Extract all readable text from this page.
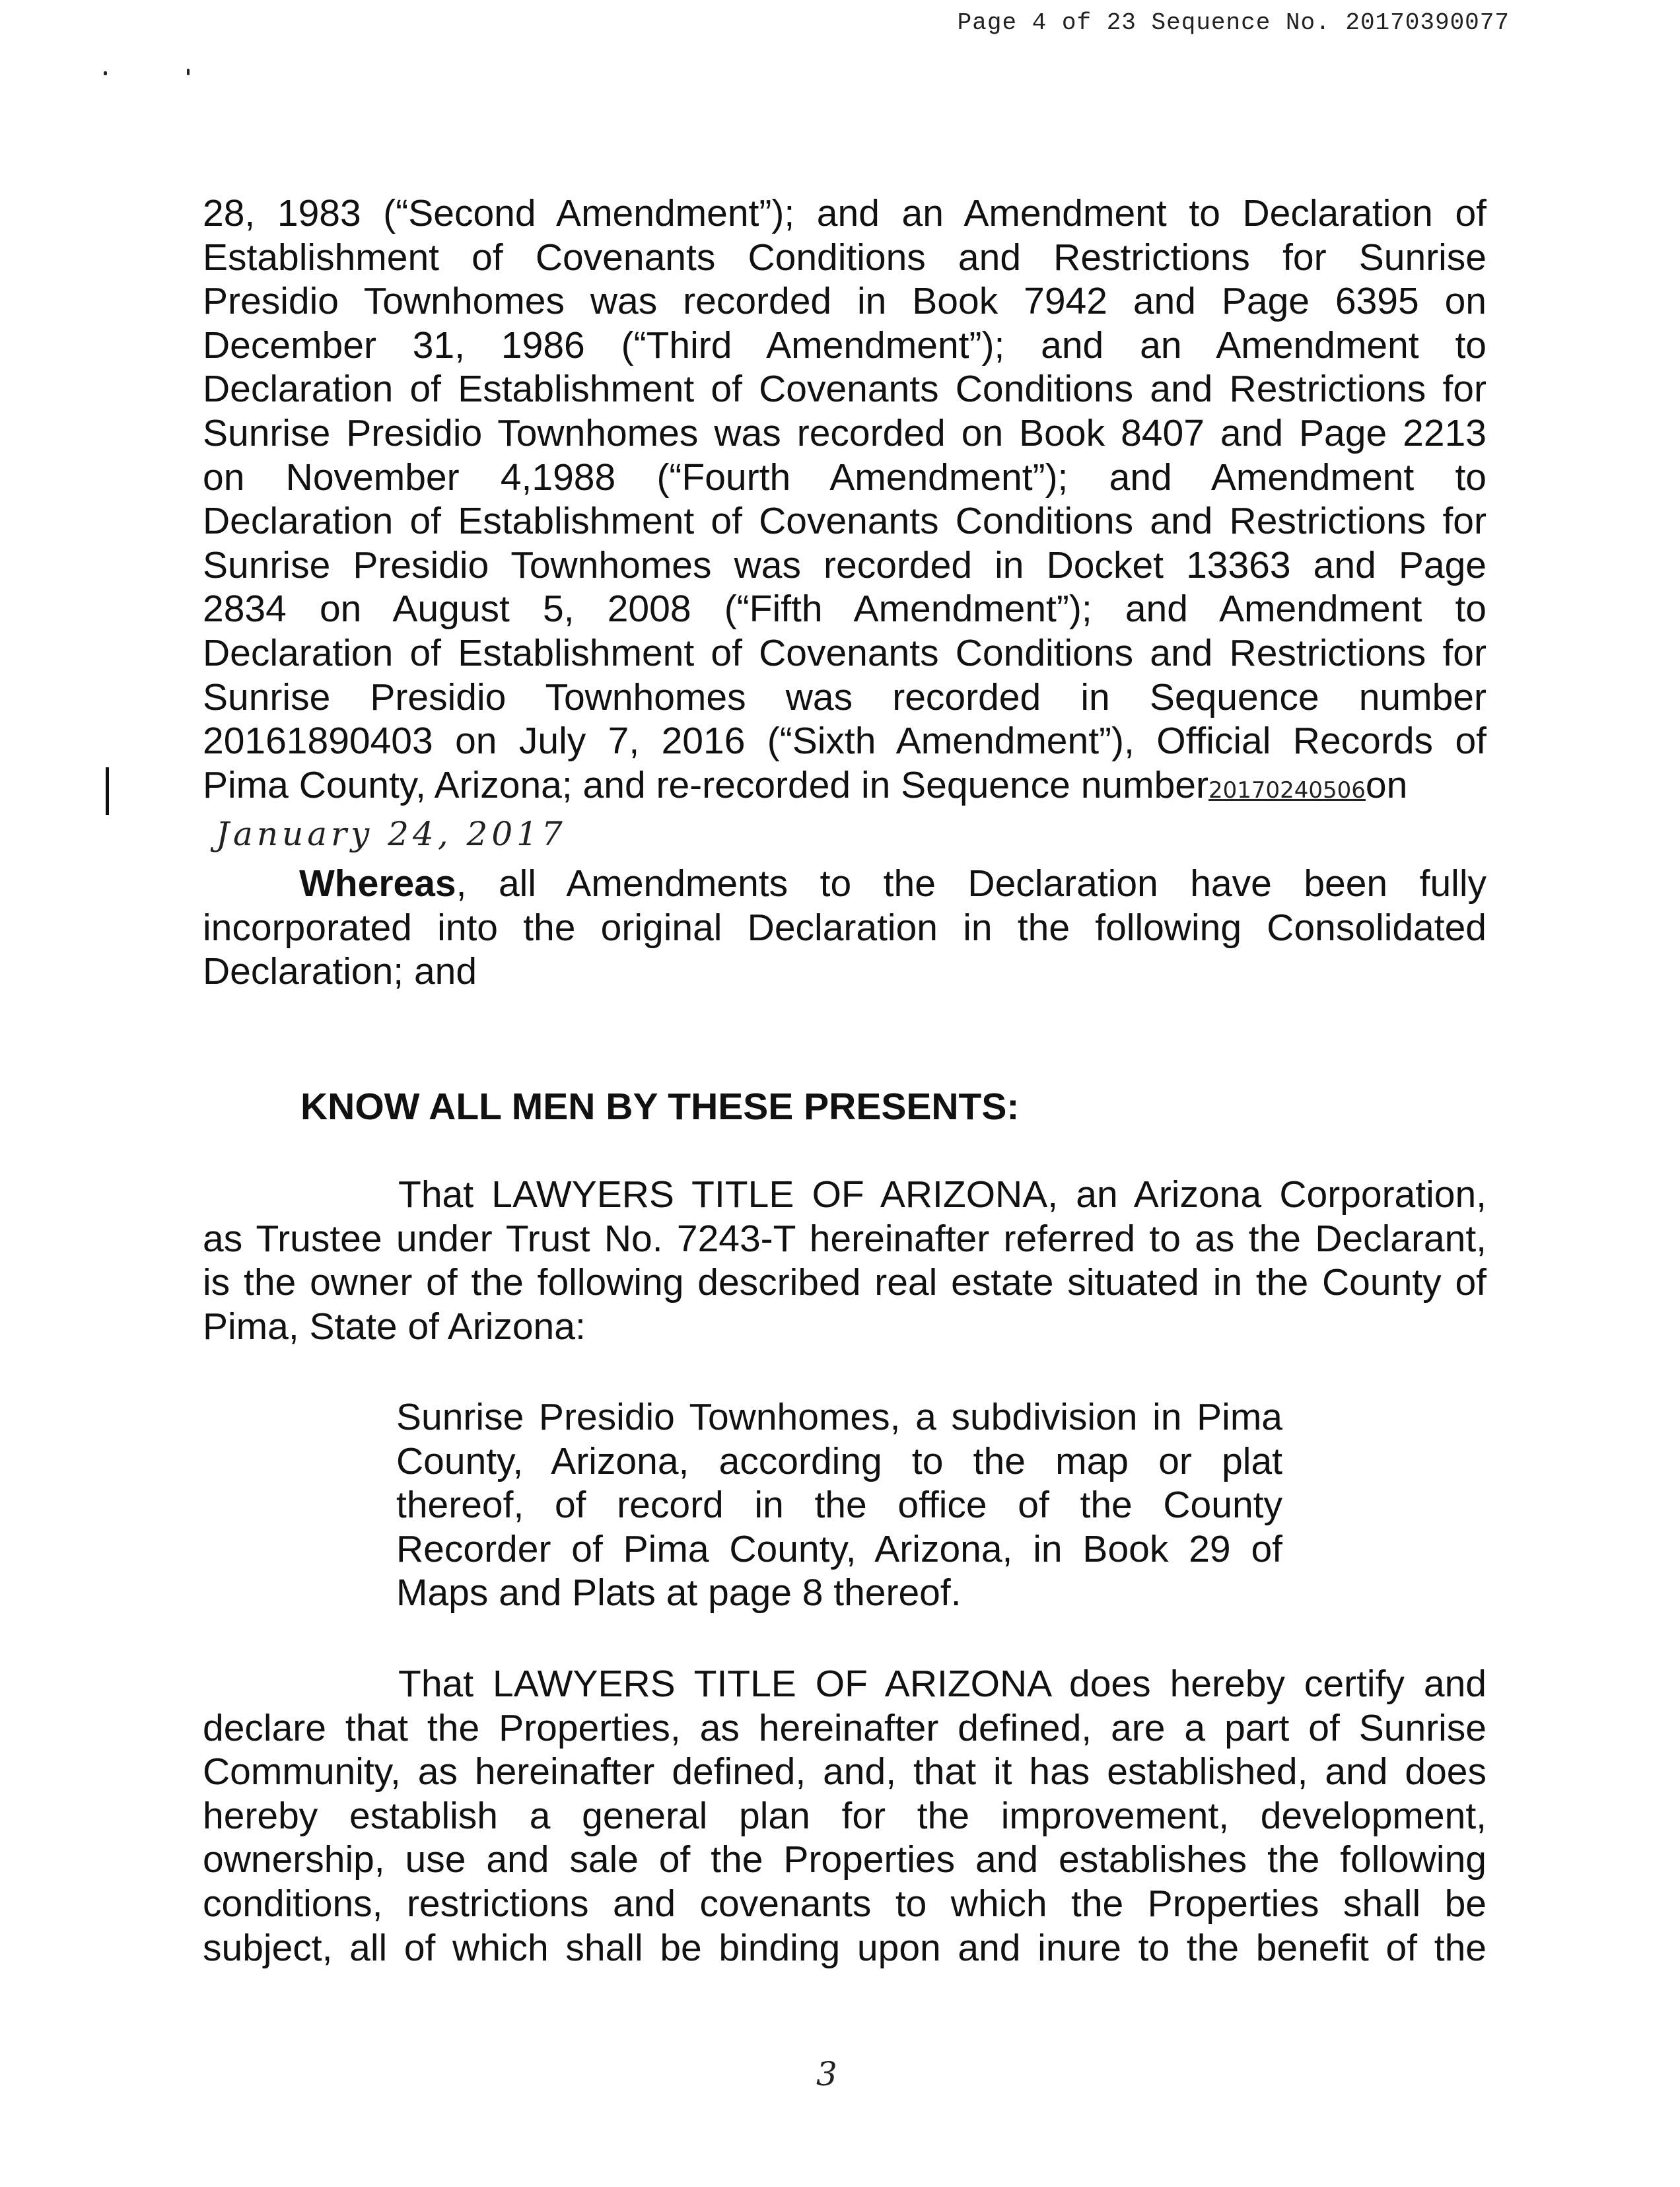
Page 4 of 23 Sequence No. 20170390077
28, 1983 (“Second Amendment”); and an Amendment to Declaration of
Establishment of Covenants Conditions and Restrictions for Sunrise
Presidio Townhomes was recorded in Book 7942 and Page 6395 on
December 31, 1986 (“Third Amendment”); and an Amendment to
Declaration of Establishment of Covenants Conditions and Restrictions for
Sunrise Presidio Townhomes was recorded on Book 8407 and Page 2213
on November 4,1988 (“Fourth Amendment”); and Amendment to
Declaration of Establishment of Covenants Conditions and Restrictions for
Sunrise Presidio Townhomes was recorded in Docket 13363 and Page
2834 on August 5, 2008 (“Fifth Amendment”); and Amendment to
Declaration of Establishment of Covenants Conditions and Restrictions for
Sunrise Presidio Townhomes was recorded in Sequence number
20161890403 on July 7, 2016 (“Sixth Amendment”), Official Records of
Pima County, Arizona; and re-recorded in Sequence number20170240506on
January 24, 2017
Whereas, all Amendments to the Declaration have been fully
incorporated into the original Declaration in the following Consolidated
Declaration; and
KNOW ALL MEN BY THESE PRESENTS:
That LAWYERS TITLE OF ARIZONA, an Arizona Corporation,
as Trustee under Trust No. 7243-T hereinafter referred to as the Declarant,
is the owner of the following described real estate situated in the County of
Pima, State of Arizona:
Sunrise Presidio Townhomes, a subdivision in Pima
County, Arizona, according to the map or plat
thereof, of record in the office of the County
Recorder of Pima County, Arizona, in Book 29 of
Maps and Plats at page 8 thereof.
That LAWYERS TITLE OF ARIZONA does hereby certify and
declare that the Properties, as hereinafter defined, are a part of Sunrise
Community, as hereinafter defined, and, that it has established, and does
hereby establish a general plan for the improvement, development,
ownership, use and sale of the Properties and establishes the following
conditions, restrictions and covenants to which the Properties shall be
subject, all of which shall be binding upon and inure to the benefit of the
3
